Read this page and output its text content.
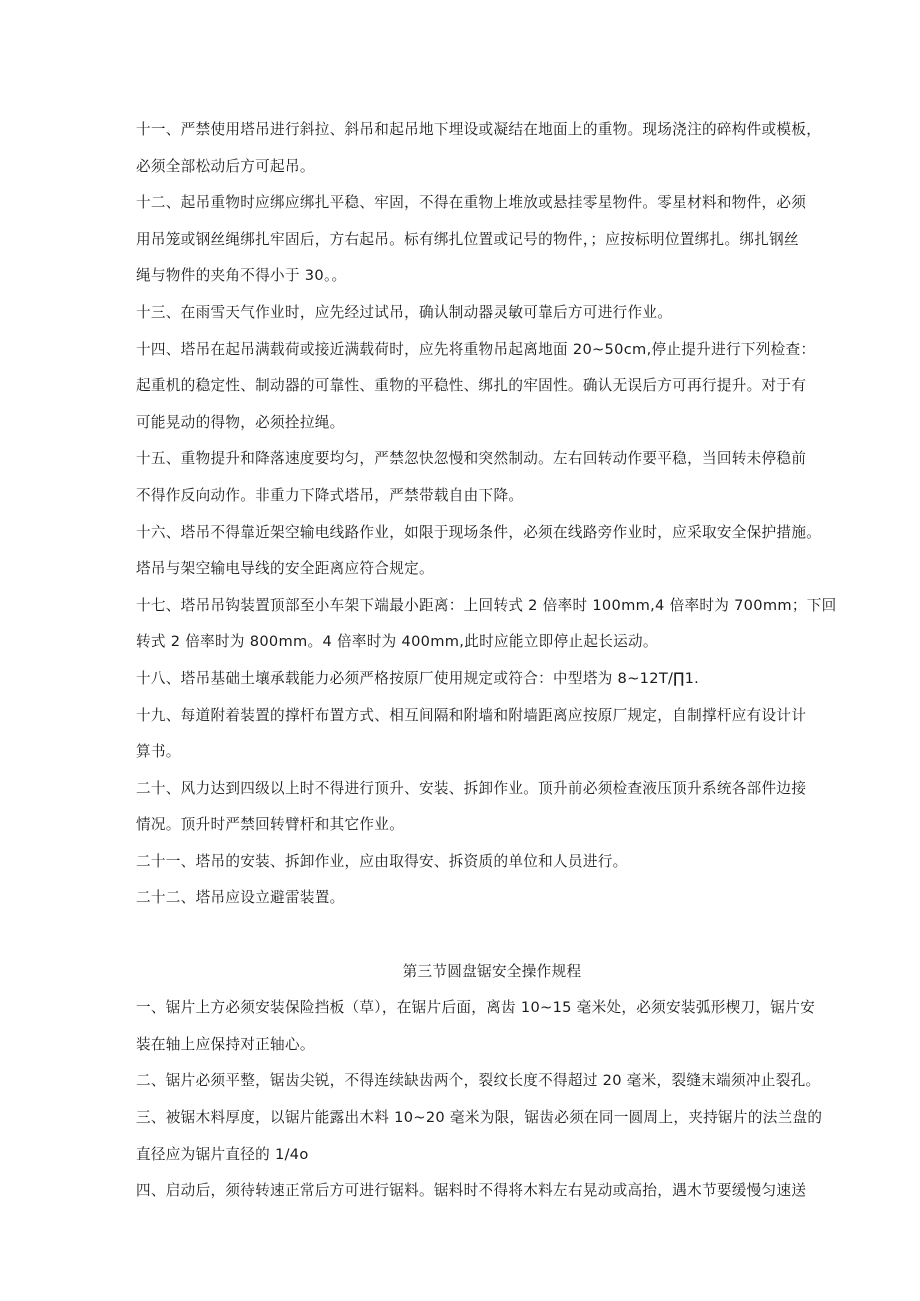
十一、严禁使用塔吊进行斜拉、斜吊和起吊地下埋设或凝结在地面上的重物。现场浇注的碎构件或模板，
必须全部松动后方可起吊。
十二、起吊重物时应绑应绑扎平稳、牢固，不得在重物上堆放或悬挂零星物件。零星材料和物件，必须
用吊笼或钢丝绳绑扎牢固后，方右起吊。标有绑扎位置或记号的物件，；应按标明位置绑扎。绑扎钢丝
绳与物件的夹角不得小于 30。。
十三、在雨雪天气作业时，应先经过试吊，确认制动器灵敏可靠后方可进行作业。
十四、塔吊在起吊满载荷或接近满载荷时，应先将重物吊起离地面 20~50cm,停止提升进行下列检查：
起重机的稳定性、制动器的可靠性、重物的平稳性、绑扎的牢固性。确认无误后方可再行提升。对于有
可能晃动的得物，必须拴拉绳。
十五、重物提升和降落速度要均匀，严禁忽快忽慢和突然制动。左右回转动作要平稳，当回转未停稳前
不得作反向动作。非重力下降式塔吊，严禁带载自由下降。
十六、塔吊不得靠近架空输电线路作业，如限于现场条件，必须在线路旁作业时，应采取安全保护措施。
塔吊与架空输电导线的安全距离应符合规定。
十七、塔吊吊钩装置顶部至小车架下端最小距离：上回转式 2 倍率时 100mm,4 倍率时为 700mm；下回
转式 2 倍率时为 800mm。4 倍率时为 400mm,此时应能立即停止起长运动。
十八、塔吊基础土壤承载能力必须严格按原厂使用规定或符合：中型塔为 8~12T∕∏1.
十九、每道附着装置的撑杆布置方式、相互间隔和附墙和附墙距离应按原厂规定，自制撑杆应有设计计
算书。
二十、风力达到四级以上时不得进行顶升、安装、拆卸作业。顶升前必须检查液压顶升系统各部件边接
情况。顶升时严禁回转臂杆和其它作业。
二十一、塔吊的安装、拆卸作业，应由取得安、拆资质的单位和人员进行。
二十二、塔吊应设立避雷装置。
第三节圆盘锯安全操作规程
一、锯片上方必须安装保险挡板（草），在锯片后面，离齿 10~15 毫米处，必须安装弧形楔刀，锯片安
装在轴上应保持对正轴心。
二、锯片必须平整，锯齿尖锐，不得连续缺齿两个，裂纹长度不得超过 20 毫米，裂缝末端须冲止裂孔。
三、被锯木料厚度，以锯片能露出木料 10~20 毫米为限，锯齿必须在同一圆周上，夹持锯片的法兰盘的
直径应为锯片直径的 1∕4o
四、启动后，须待转速正常后方可进行锯料。锯料时不得将木料左右晃动或高抬，遇木节要缓慢匀速送
